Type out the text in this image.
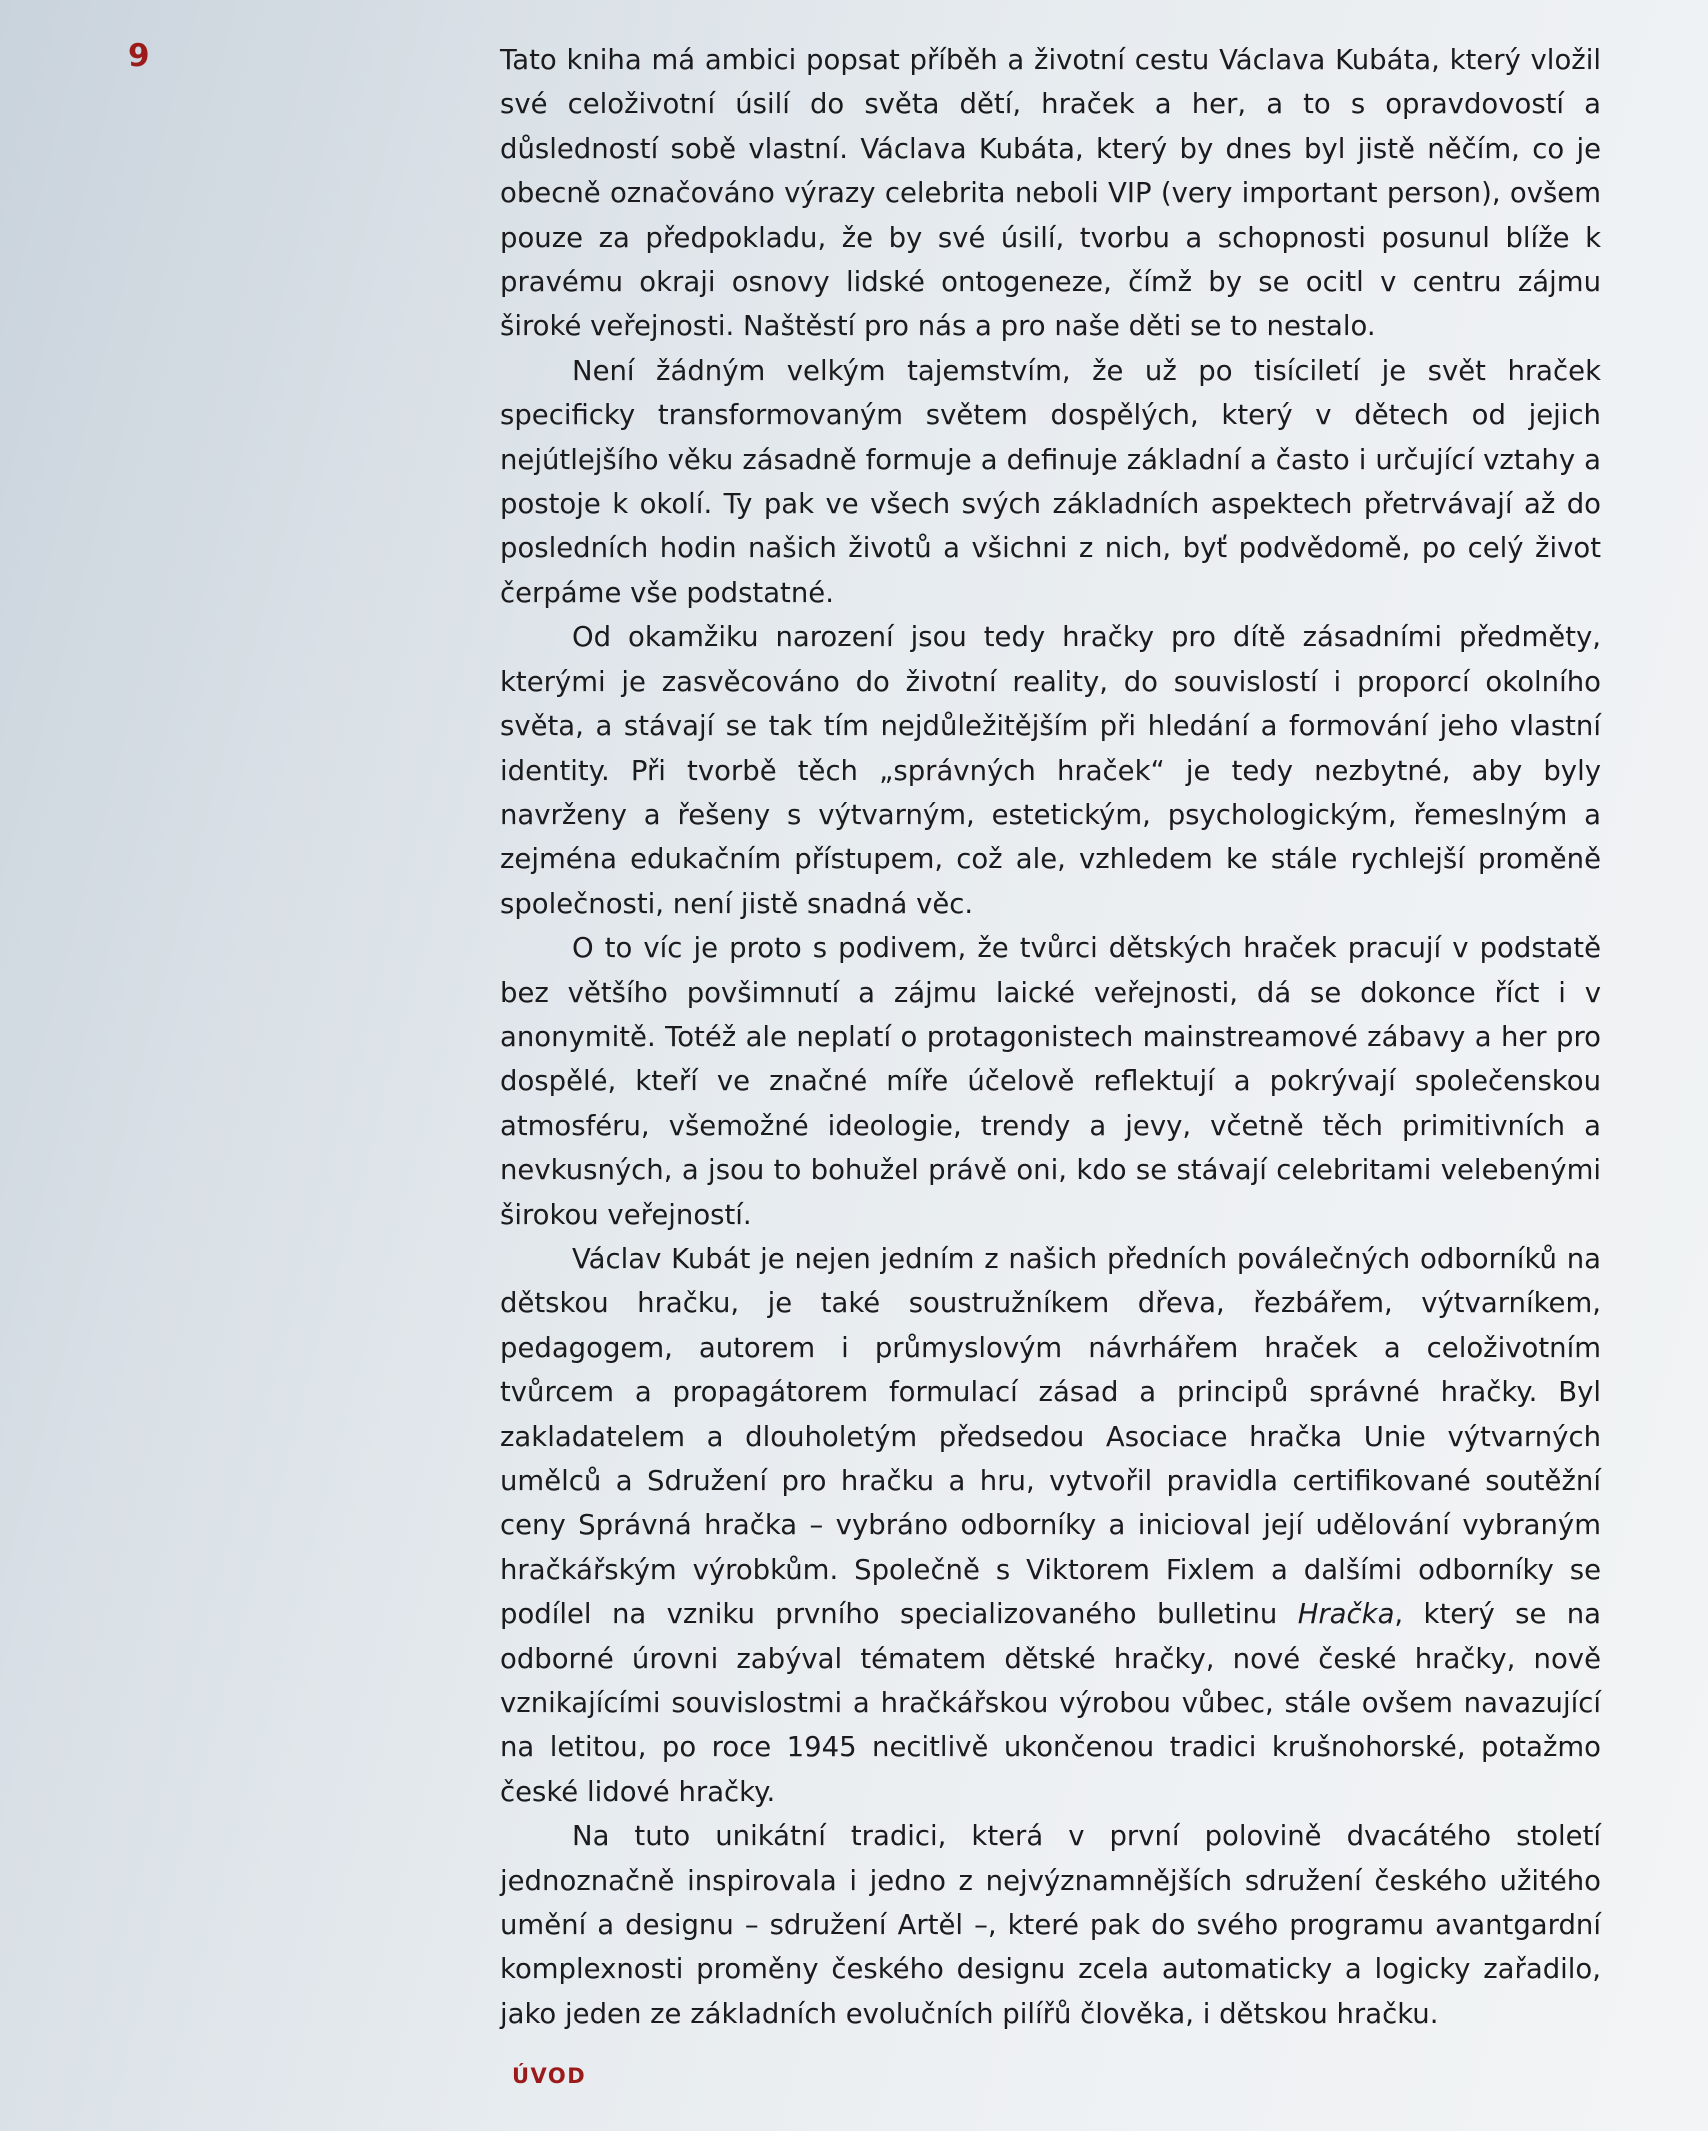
9	Tato kniha má ambici popsat příběh a životní cestu Václava Kubáta, který vložil své celoživotní úsilí do světa dětí, hraček a her, a to s opravdovostí a důsledností sobě vlastní. Václava Kubáta, který by dnes byl jistě něčím, co je obecně označováno výrazy celebrita neboli VIP (very important person), ovšem pouze za předpokladu, že by své úsilí, tvorbu a schopnosti posunul blíže k pravému okraji osnovy lidské ontogeneze, čímž by se ocitl v centru zájmu široké veřejnosti. Naštěstí pro nás a pro naše děti se to nestalo.

Není žádným velkým tajemstvím, že už po tisíciletí je svět hraček specificky transformovaným světem dospělých, který v dětech od jejich nejútlejšího věku zásadně formuje a definuje základní a často i určující vztahy a postoje k okolí. Ty pak ve všech svých základních aspektech přetrvávají až do posledních hodin našich životů a všichni z nich, byť podvědomě, po celý život čerpáme vše podstatné.

Od okamžiku narození jsou tedy hračky pro dítě zásadními předměty, kterými je zasvěcováno do životní reality, do souvislostí i proporcí okolního světa, a stávají se tak tím nejdůležitějším při hledání a formování jeho vlastní identity. Při tvorbě těch „správných hraček“ je tedy nezbytné, aby byly navrženy a řešeny s výtvarným, estetickým, psychologickým, řemeslným a zejména edukačním přístupem, což ale, vzhledem ke stále rychlejší proměně společnosti, není jistě snadná věc.

O to víc je proto s podivem, že tvůrci dětských hraček pracují v podstatě bez většího povšimnutí a zájmu laické veřejnosti, dá se dokonce říct i v anonymitě. Totéž ale neplatí o protagonistech mainstreamové zábavy a her pro dospělé, kteří ve značné míře účelově reflektují a pokrývají společenskou atmosféru, všemožné ideologie, trendy a jevy, včetně těch primitivních a nevkusných, a jsou to bohužel právě oni, kdo se stávají celebritami velebenými širokou veřejností.

Václav Kubát je nejen jedním z našich předních poválečných odborníků na dětskou hračku, je také soustružníkem dřeva, řezbářem, výtvarníkem, pedagogem, autorem i průmyslovým návrhářem hraček a celoživotním tvůrcem a propagátorem formulací zásad a principů správné hračky. Byl zakladatelem a dlouholetým předsedou Asociace hračka Unie výtvarných umělců a Sdružení pro hračku a hru, vytvořil pravidla certifikované soutěžní ceny Správná hračka – vybráno odborníky a inicioval její udělování vybraným hračkářským výrobkům. Společně s Viktorem Fixlem a dalšími odborníky se podílel na vzniku prvního specializovaného bulletinu Hračka, který se na odborné úrovni zabýval tématem dětské hračky, nové české hračky, nově vznikajícími souvislostmi a hračkářskou výrobou vůbec, stále ovšem navazující na letitou, po roce 1945 necitlivě ukončenou tradici krušnohorské, potažmo české lidové hračky.

Na tuto unikátní tradici, která v první polovině dvacátého století jednoznačně inspirovala i jedno z nejvýznamnějších sdružení českého užitého umění a designu – sdružení Artěl –, které pak do svého programu avantgardní komplexnosti proměny českého designu zcela automaticky a logicky zařadilo, jako jeden ze základních evolučních pilířů člověka, i dětskou hračku.

ÚVOD
